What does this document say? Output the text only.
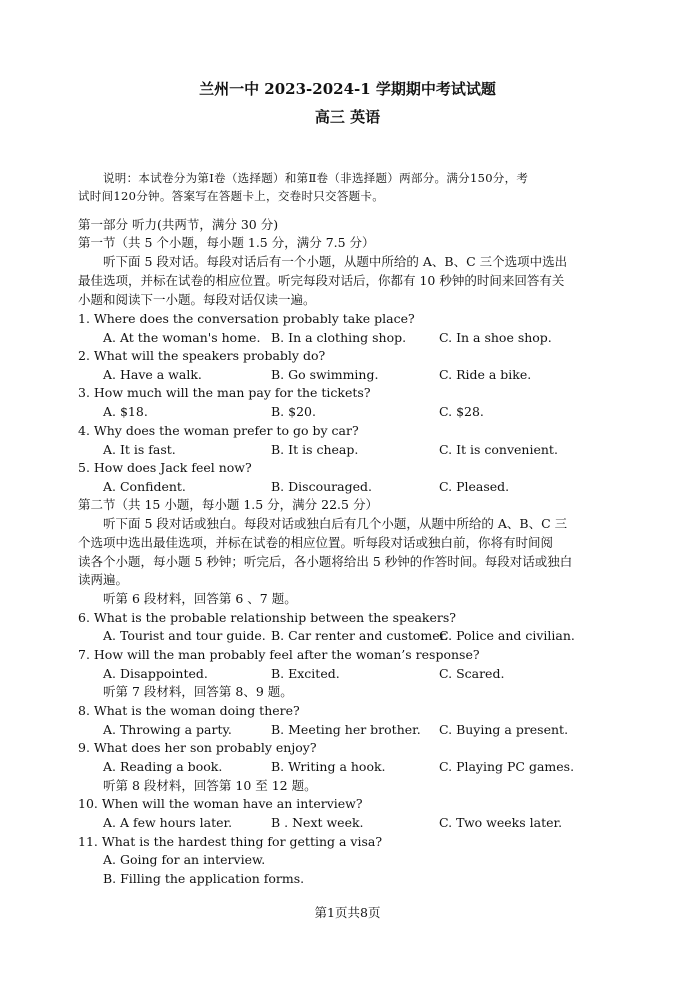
兰州一中 2023-2024-1 学期期中考试试题
高三 英语
说明：本试卷分为第Ⅰ卷（选择题）和第Ⅱ卷（非选择题）两部分。满分150分，考
试时间120分钟。答案写在答题卡上，交卷时只交答题卡。
第一部分 听力(共两节，满分 30 分)
第一节（共 5 个小题，每小题 1.5 分，满分 7.5 分）
听下面 5 段对话。每段对话后有一个小题，从题中所给的 A、B、C 三个选项中选出
最佳选项，并标在试卷的相应位置。听完每段对话后，你都有 10 秒钟的时间来回答有关
小题和阅读下一小题。每段对话仅读一遍。
1. Where does the conversation probably take place?
A. At the woman's home. B. In a clothing shop.	C. In a shoe shop.
2. What will the speakers probably do?
A. Have a walk.	B. Go swimming.	C. Ride a bike.
3. How much will the man pay for the tickets?
A. $18.	B. $20.	C. $28.
4. Why does the woman prefer to go by car?
A. It is fast.	B. It is cheap.	C. It is convenient.
5. How does Jack feel now?
A. Confident.	B. Discouraged.	C. Pleased.
第二节（共 15 小题，每小题 1.5 分，满分 22.5 分）
听下面 5 段对话或独白。每段对话或独白后有几个小题，从题中所给的 A、B、C 三
个选项中选出最佳选项，并标在试卷的相应位置。听每段对话或独白前，你将有时间阅
读各个小题，每小题 5 秒钟；听完后，各小题将给出 5 秒钟的作答时间。每段对话或独白
读两遍。
听第 6 段材料，回答第 6 、7 题。
6. What is the probable relationship between the speakers?
A. Tourist and tour guide. B. Car renter and customer.
C. Police and civilian.
7. How will the man probably feel after the woman’s response?
A. Disappointed.	B. Excited.	C. Scared.
听第 7 段材料，回答第 8、9 题。
8. What is the woman doing there?
A. Throwing a party.	B. Meeting her brother. C. Buying a present.
9. What does her son probably enjoy?
A. Reading a book.	B. Writing a hook.	C. Playing PC games.
听第 8 段材料，回答第 10 至 12 题。
10. When will the woman have an interview?
A. A few hours later.	B . Next week.	C. Two weeks later.
11. What is the hardest thing for getting a visa?
A. Going for an interview.
B. Filling the application forms.
第1页共8页
